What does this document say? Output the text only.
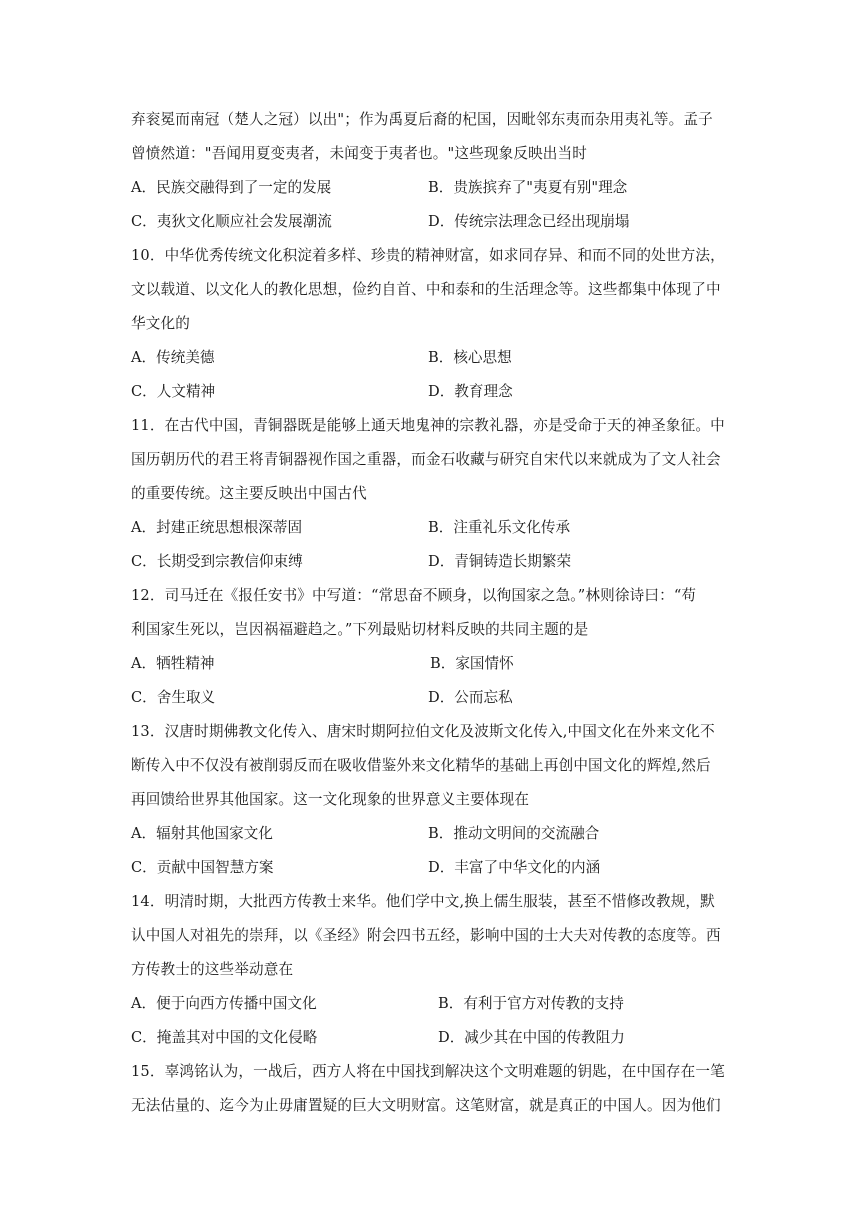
弃衮冕而南冠（楚人之冠）以出"；作为禹夏后裔的杞国，因毗邻东夷而杂用夷礼等。孟子
曾愤然道："吾闻用夏变夷者，未闻变于夷者也。"这些现象反映出当时
A．民族交融得到了一定的发展	B．贵族摈弃了"夷夏有别"理念
C．夷狄文化顺应社会发展潮流	D．传统宗法理念已经出现崩塌
10．中华优秀传统文化积淀着多样、珍贵的精神财富，如求同存异、和而不同的处世方法，
文以载道、以文化人的教化思想，俭约自首、中和泰和的生活理念等。这些都集中体现了中
华文化的
A．传统美德	B．核心思想
C．人文精神	D．教育理念
11．在古代中国，青铜器既是能够上通天地鬼神的宗教礼器，亦是受命于天的神圣象征。中
国历朝历代的君王将青铜器视作国之重器，而金石收藏与研究自宋代以来就成为了文人社会
的重要传统。这主要反映出中国古代
A．封建正统思想根深蒂固	B．注重礼乐文化传承
C．长期受到宗教信仰束缚	D．青铜铸造长期繁荣
12．司马迁在《报任安书》中写道：“常思奋不顾身，以徇国家之急。”林则徐诗曰：“苟
利国家生死以，岂因祸福避趋之。”下列最贴切材料反映的共同主题的是
A．牺牲精神	B．家国情怀
C．舍生取义	D．公而忘私
13．汉唐时期佛教文化传入、唐宋时期阿拉伯文化及波斯文化传入,中国文化在外来文化不
断传入中不仅没有被削弱反而在吸收借鉴外来文化精华的基础上再创中国文化的辉煌,然后
再回馈给世界其他国家。这一文化现象的世界意义主要体现在
A．辐射其他国家文化	B．推动文明间的交流融合
C．贡献中国智慧方案	D．丰富了中华文化的内涵
14．明清时期，大批西方传教士来华。他们学中文,换上儒生服装，甚至不惜修改教规，默
认中国人对祖先的崇拜，以《圣经》附会四书五经，影响中国的士大夫对传教的态度等。西
方传教士的这些举动意在
A．便于向西方传播中国文化	B．有利于官方对传教的支持
C．掩盖其对中国的文化侵略	D．减少其在中国的传教阻力
15．辜鸿铭认为，一战后，西方人将在中国找到解决这个文明难题的钥匙，在中国存在一笔
无法估量的、迄今为止毋庸置疑的巨大文明财富。这笔财富，就是真正的中国人。因为他们
